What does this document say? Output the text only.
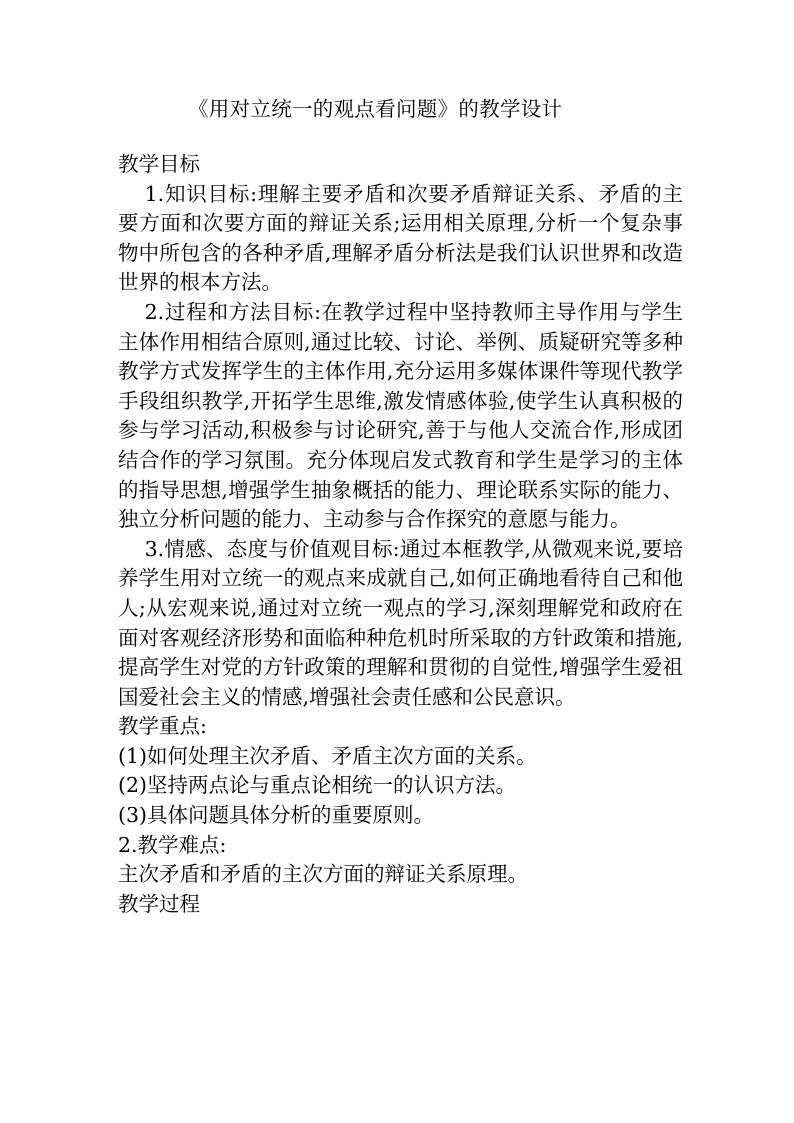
《用对立统一的观点看问题》的教学设计

教学目标

1.知识目标:理解主要矛盾和次要矛盾辩证关系、矛盾的主要方面和次要方面的辩证关系;运用相关原理,分析一个复杂事物中所包含的各种矛盾,理解矛盾分析法是我们认识世界和改造世界的根本方法。

2.过程和方法目标:在教学过程中坚持教师主导作用与学生主体作用相结合原则,通过比较、讨论、举例、质疑研究等多种教学方式发挥学生的主体作用,充分运用多媒体课件等现代教学手段组织教学,开拓学生思维,激发情感体验,使学生认真积极的参与学习活动,积极参与讨论研究,善于与他人交流合作,形成团结合作的学习氛围。充分体现启发式教育和学生是学习的主体的指导思想,增强学生抽象概括的能力、理论联系实际的能力、独立分析问题的能力、主动参与合作探究的意愿与能力。

3.情感、态度与价值观目标:通过本框教学,从微观来说,要培养学生用对立统一的观点来成就自己,如何正确地看待自己和他人;从宏观来说,通过对立统一观点的学习,深刻理解党和政府在面对客观经济形势和面临种种危机时所采取的方针政策和措施,提高学生对党的方针政策的理解和贯彻的自觉性,增强学生爱祖国爱社会主义的情感,增强社会责任感和公民意识。

教学重点:

(1)如何处理主次矛盾、矛盾主次方面的关系。

(2)坚持两点论与重点论相统一的认识方法。

(3)具体问题具体分析的重要原则。

2.教学难点:

主次矛盾和矛盾的主次方面的辩证关系原理。

教学过程
